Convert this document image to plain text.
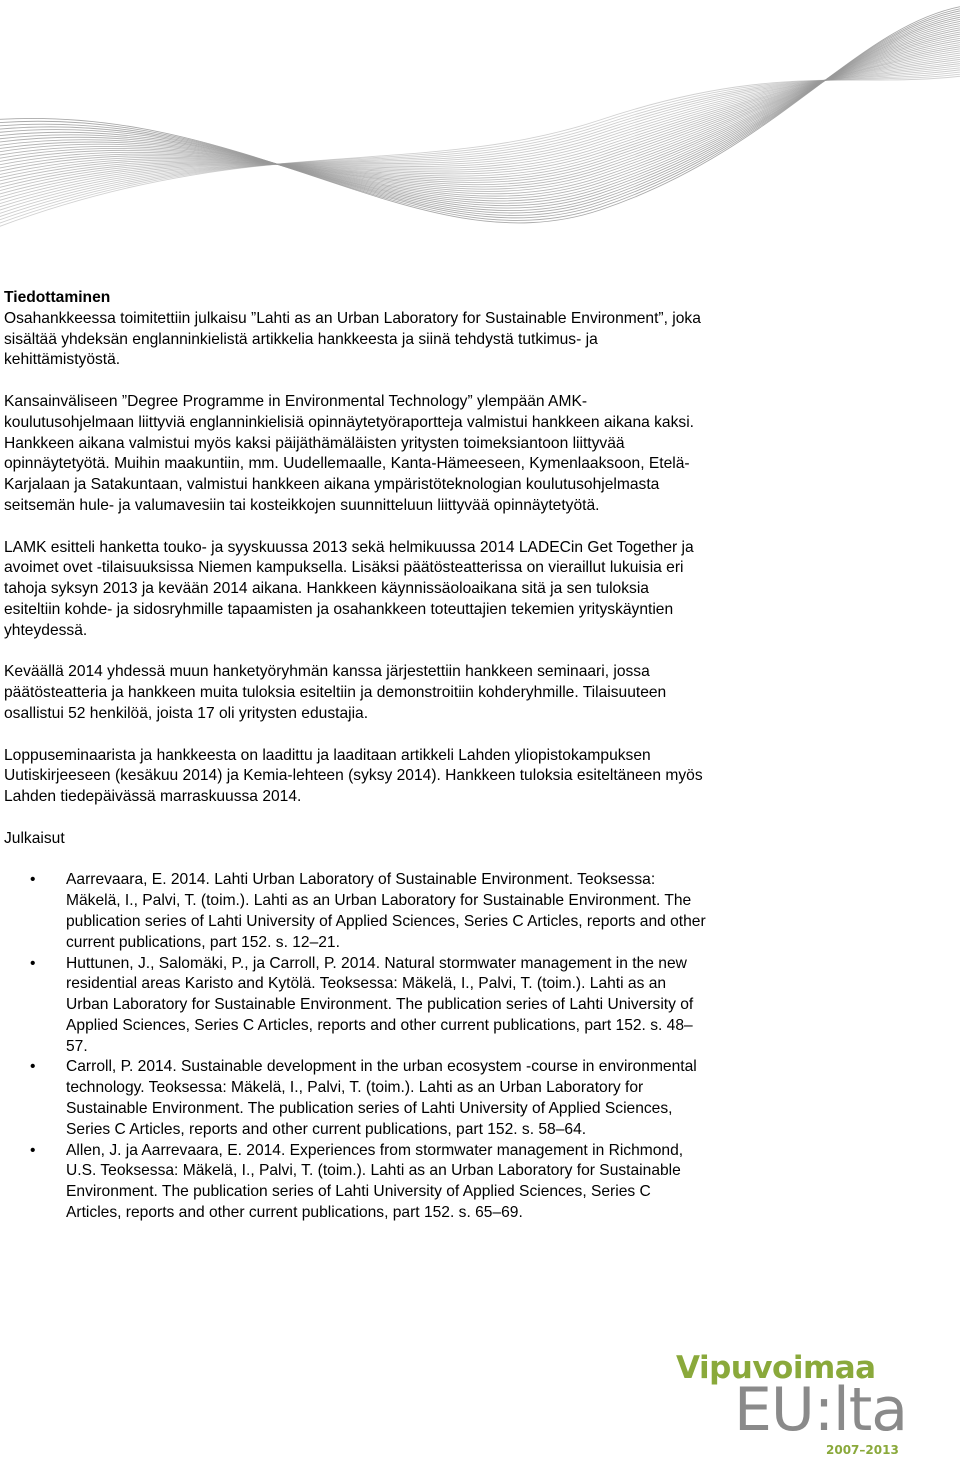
Tiedottaminen

Osahankkeessa toimitettiin julkaisu ”Lahti as an Urban Laboratory for Sustainable Environment”, joka sisältää yhdeksän englanninkielistä artikkelia hankkeesta ja siinä tehdystä tutkimus- ja kehittämistyöstä.

Kansainväliseen ”Degree Programme in Environmental Technology” ylempään AMK-koulutusohjelmaan liittyviä englanninkielisiä opinnäytetyöraportteja valmistui hankkeen aikana kaksi. Hankkeen aikana valmistui myös kaksi päijäthämäläisten yritysten toimeksiantoon liittyvää opinnäytetyötä. Muihin maakuntiin, mm. Uudellemaalle, Kanta-Hämeeseen, Kymenlaaksoon, Etelä-Karjalaan ja Satakuntaan, valmistui hankkeen aikana ympäristöteknologian koulutusohjelmasta seitsemän hule- ja valumavesiin tai kosteikkojen suunnitteluun liittyvää opinnäytetyötä.

LAMK esitteli hanketta touko- ja syyskuussa 2013 sekä helmikuussa 2014 LADECin Get Together ja avoimet ovet -tilaisuuksissa Niemen kampuksella. Lisäksi päätösteatterissa on vieraillut lukuisia eri tahoja syksyn 2013 ja kevään 2014 aikana. Hankkeen käynnissäoloaikana sitä ja sen tuloksia esiteltiin kohde- ja sidosryhmille tapaamisten ja osahankkeen toteuttajien tekemien yrityskäyntien yhteydessä.

Keväällä 2014 yhdessä muun hanketyöryhmän kanssa järjestettiin hankkeen seminaari, jossa päätösteatteria ja hankkeen muita tuloksia esiteltiin ja demonstroitiin kohderyhmille. Tilaisuuteen osallistui 52 henkilöä, joista 17 oli yritysten edustajia.

Loppuseminaarista ja hankkeesta on laadittu ja laaditaan artikkeli Lahden yliopistokampuksen Uutiskirjeeseen (kesäkuu 2014) ja Kemia-lehteen (syksy 2014). Hankkeen tuloksia esiteltäneen myös Lahden tiedepäivässä marraskuussa 2014.

Julkaisut
• Aarrevaara, E. 2014. Lahti Urban Laboratory of Sustainable Environment. Teoksessa: Mäkelä, I., Palvi, T. (toim.). Lahti as an Urban Laboratory for Sustainable Environment. The publication series of Lahti University of Applied Sciences, Series C Articles, reports and other current publications, part 152. s. 12–21.
• Huttunen, J., Salomäki, P., ja Carroll, P. 2014. Natural stormwater management in the new residential areas Karisto and Kytölä. Teoksessa: Mäkelä, I., Palvi, T. (toim.). Lahti as an Urban Laboratory for Sustainable Environment. The publication series of Lahti University of Applied Sciences, Series C Articles, reports and other current publications, part 152. s. 48–57.
• Carroll, P. 2014. Sustainable development in the urban ecosystem -course in environmental technology. Teoksessa: Mäkelä, I., Palvi, T. (toim.). Lahti as an Urban Laboratory for Sustainable Environment. The publication series of Lahti University of Applied Sciences, Series C Articles, reports and other current publications, part 152. s. 58–64.
• Allen, J. ja Aarrevaara, E. 2014. Experiences from stormwater management in Richmond, U.S. Teoksessa: Mäkelä, I., Palvi, T. (toim.). Lahti as an Urban Laboratory for Sustainable Environment. The publication series of Lahti University of Applied Sciences, Series C Articles, reports and other current publications, part 152. s. 65–69.
Vipuvoimaa
EU:lta
2007–2013
